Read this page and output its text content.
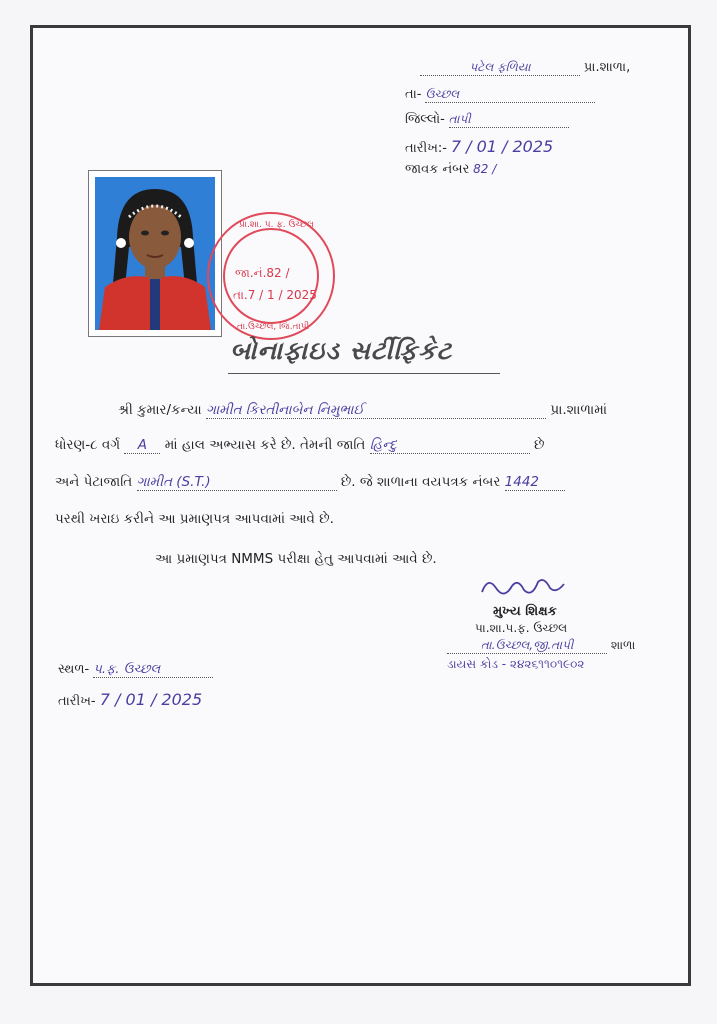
પટેલ ફળિયા	પ્રા.શાળા,
તા- ઉચ્છલ
જિલ્લો- તાપી
તારીખ:- 7 / 01 / 2025
જાવક નંબર 82 /
પ્રા.શા. પ. ફ. ઉચ્છલ
જા.નં.82 /
તા.7 / 1 / 2025
તા.ઉચ્છલ, જિ.તાપી
બોનાફાઇડ સર્ટીફિકેટ
શ્રી કુમાર/કન્યા ગામીત કિરતીનાબેન નિમુભાઈ	પ્રા.શાળામાં
ધોરણ-૮ વર્ગ A માં હાલ અભ્યાસ કરે છે. તેમની જાતિ હિન્દુ	છે
અને પેટાજાતિ ગામીત (S.T.)	છે. જે શાળાના વયપત્રક નંબર 1442
પરથી ખરાઇ કરીને આ પ્રમાણપત્ર આપવામાં આવે છે.
આ પ્રમાણપત્ર NMMS પરીક્ષા હેતુ આપવામાં આવે છે.
મુખ્ય શિક્ષક
પા.શા.પ.ફ. ઉચ્છલ
તા.ઉચ્છલ,જી.તાપી	શાળા
ડાયસ કોડ - ૨૪૨૬૧૧૦૧૯૦૨
સ્થળ- પ.ફ. ઉચ્છલ
તારીખ- 7 / 01 / 2025
